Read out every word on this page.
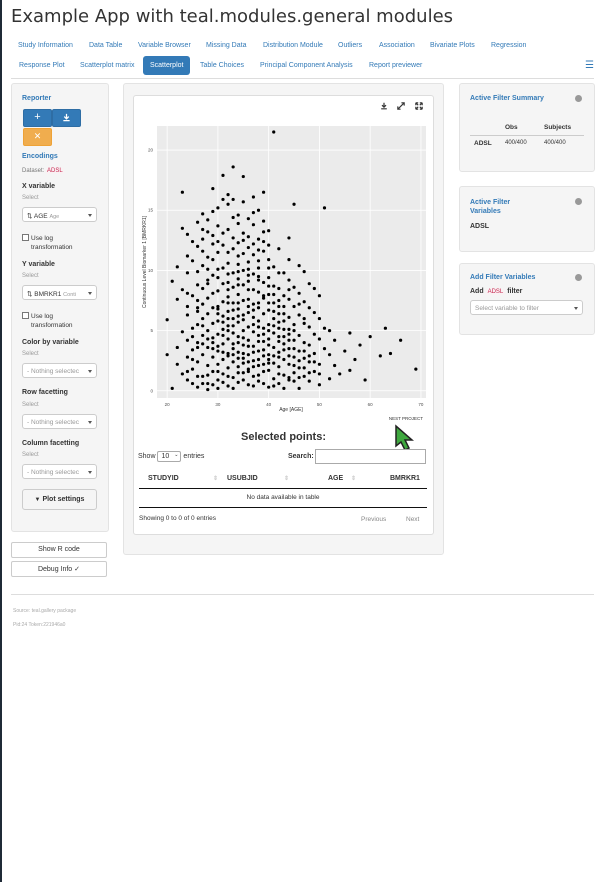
Example App with teal.modules.general modules
Study Information	Data Table	Variable Browser	Missing Data	Distribution Module	Outliers	Association	Bivariate Plots	Regression
Response Plot	Scatterplot matrix	Scatterplot	Table Choices	Principal Component Analysis	Report previewer	☰
Reporter
+
✕
Encodings
Dataset: ADSL
X variable
Select
⇅ AGE Age
Use log transformation
Y variable
Select
⇅ BMRKR1 Conti
Use log transformation
Color by variable
Select
- Nothing selectec
Row facetting
Select
- Nothing selectec
Column facetting
Select
- Nothing selectec
▼ Plot settings
Show R code
Debug Info ✓
20	30	40	50	60	70
0
5
10
15
20
Age [AGE]
Continuous Level Biomarker 1 [BMRKR1]
NEST PROJECT
Selected points:
Show 10 ⌄ entries	Search:
STUDYID	⇕ USUBJID	⇕	AGE ⇕	BMRKR1
No data available in table
Showing 0 to 0 of 0 entries	Previous	Next
Active Filter Summary
Obs	Subjects
ADSL 400/400	400/400
Active Filter Variables
ADSL
Add Filter Variables
Add ADSL filter
Select variable to filter
Source: teal.gallery package
Pid:24 Token:221946a0
